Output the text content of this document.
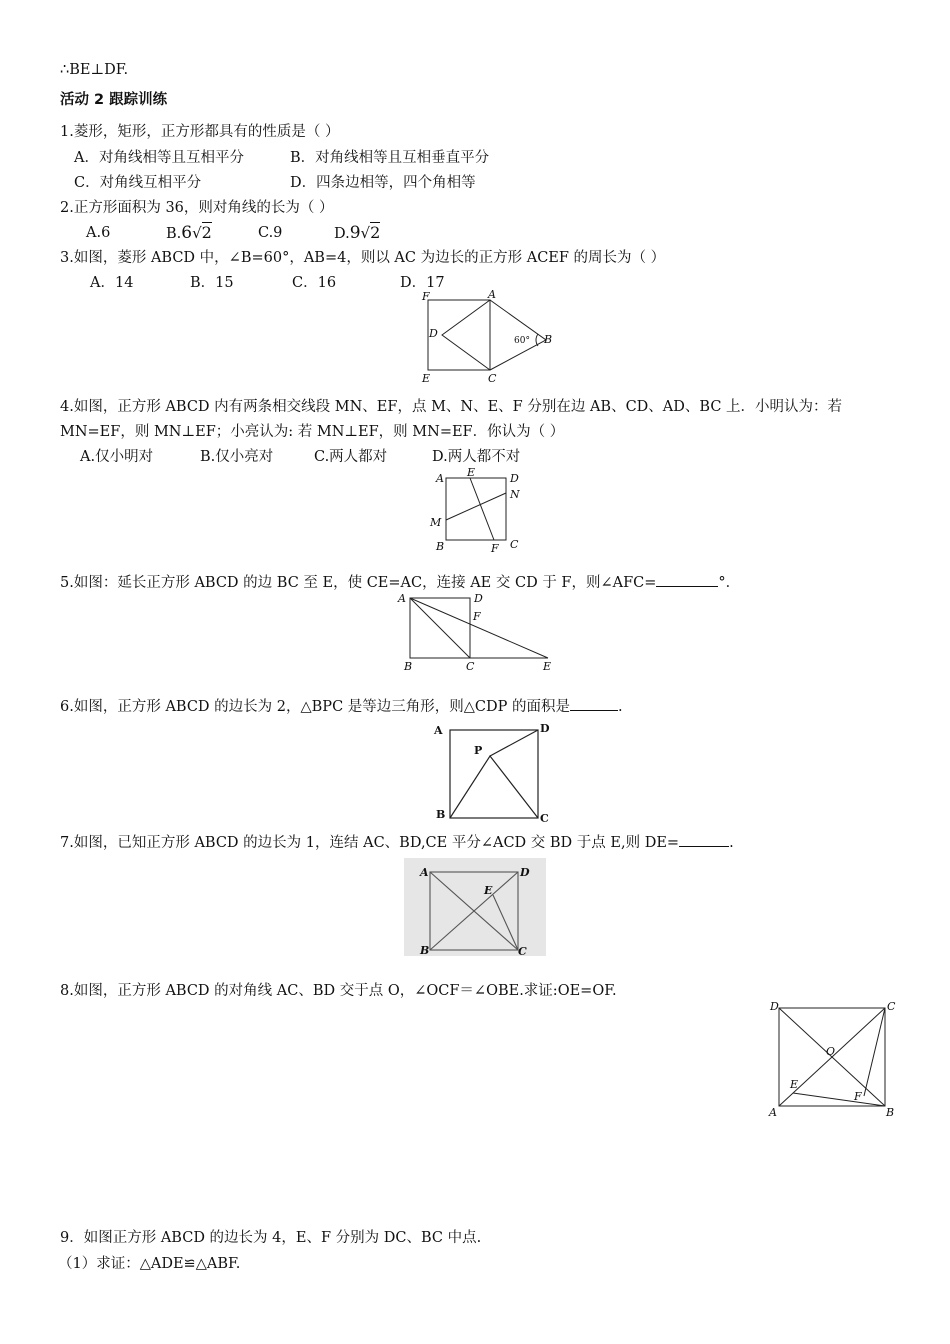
∴BE⊥DF.
活动 2 跟踪训练
1.菱形，矩形，正方形都具有的性质是（ ）
A．对角线相等且互相平分	B．对角线相等且互相垂直平分
C．对角线互相平分	D．四条边相等，四个角相等
2.正方形面积为 36，则对角线的长为（ ）
A.6	B.6√2	C.9	D.9√2
3.如图，菱形 ABCD 中，∠B=60°，AB=4，则以 AC 为边长的正方形 ACEF 的周长为（ ）
A．14	B．15	C．16	D．17
F	A
D	B
E	C
60°
4.如图，正方形 ABCD 内有两条相交线段 MN、EF，点 M、N、E、F 分别在边 AB、CD、AD、BC 上．小明认为：若
MN=EF，则 MN⊥EF；小亮认为: 若 MN⊥EF，则 MN=EF．你认为（ ）
A.仅小明对	B.仅小亮对	C.两人都对	D.两人都不对
A E	D
N
M
B	F C
5.如图：延长正方形 ABCD 的边 BC 至 E，使 CE=AC，连接 AE 交 CD 于 F，则∠AFC=	°．
A	D
F
B	C	E
6.如图，正方形 ABCD 的边长为 2，△BPC 是等边三角形，则△CDP 的面积是	.
A	D
P
B	C
7.如图，已知正方形 ABCD 的边长为 1，连结 AC、BD,CE 平分∠ACD 交 BD 于点 E,则 DE=	.
A	D
E
B	C
8.如图，正方形 ABCD 的对角线 AC、BD 交于点 O，∠OCF＝∠OBE.求证:OE=OF.
D	C
O
E
F
A	B
9．如图正方形 ABCD 的边长为 4，E、F 分别为 DC、BC 中点.
（1）求证：△ADE≌△ABF.
